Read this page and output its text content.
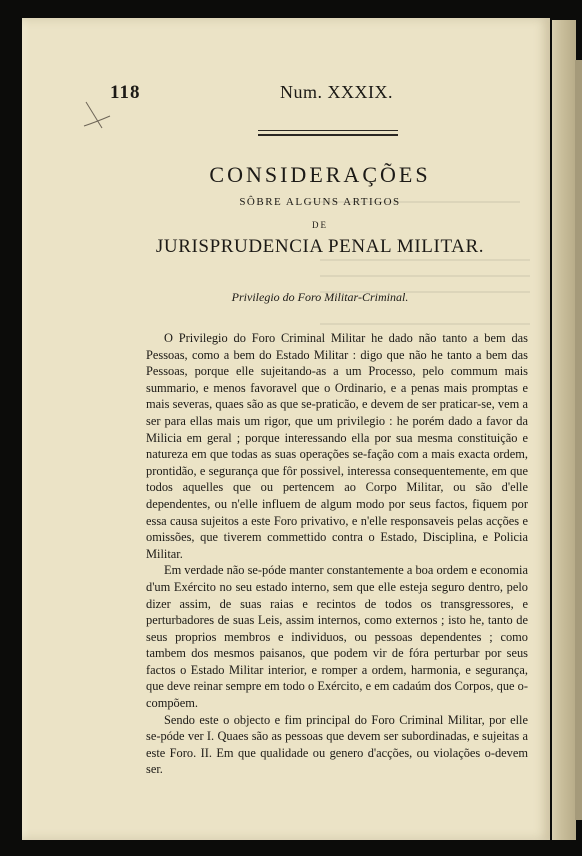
118	Num. XXXIX.
CONSIDERAÇÕES
SÔBRE ALGUNS ARTIGOS
DE
JURISPRUDENCIA PENAL MILITAR.
Privilegio do Foro Militar-Criminal.

O Privilegio do Foro Criminal Militar he dado não tanto a bem das Pessoas, como a bem do Estado Militar : digo que não he tanto a bem das Pessoas, porque elle sujeitando-as a um Processo, pelo commum mais summario, e menos favoravel que o Ordinario, e a penas mais promptas e mais severas, quaes são as que se-praticão, e devem de ser praticar-se, vem a ser para ellas mais um rigor, que um privilegio : he porém dado a favor da Milicia em geral ; porque interessando ella por sua mesma constituição e natureza em que todas as suas operações se-fação com a mais exacta ordem, prontidão, e segurança que fôr possivel, interessa consequentemente, em que todos aquelles que ou pertencem ao Corpo Militar, ou são d'elle dependentes, ou n'elle influem de algum modo por seus factos, fiquem por essa causa sujeitos a este Foro privativo, e n'elle responsaveis pelas acções e omissões, que tiverem commettido contra o Estado, Disciplina, e Policia Militar.

Em verdade não se-póde manter constantemente a boa ordem e economia d'um Exército no seu estado interno, sem que elle esteja seguro dentro, pelo dizer assim, de suas raias e recintos de todos os transgressores, e perturbadores de suas Leis, assim internos, como externos ; isto he, tanto de seus proprios membros e individuos, ou pessoas dependentes ; como tambem dos mesmos paisanos, que podem vir de fóra perturbar por seus factos o Estado Militar interior, e romper a ordem, harmonia, e segurança, que deve reinar sempre em todo o Exército, e em cadaúm dos Corpos, que o-compõem.

Sendo este o objecto e fim principal do Foro Criminal Militar, por elle se-póde ver I. Quaes são as pessoas que devem ser subordinadas, e sujeitas a este Foro. II. Em que qualidade ou genero d'acções, ou violações o-devem ser.
